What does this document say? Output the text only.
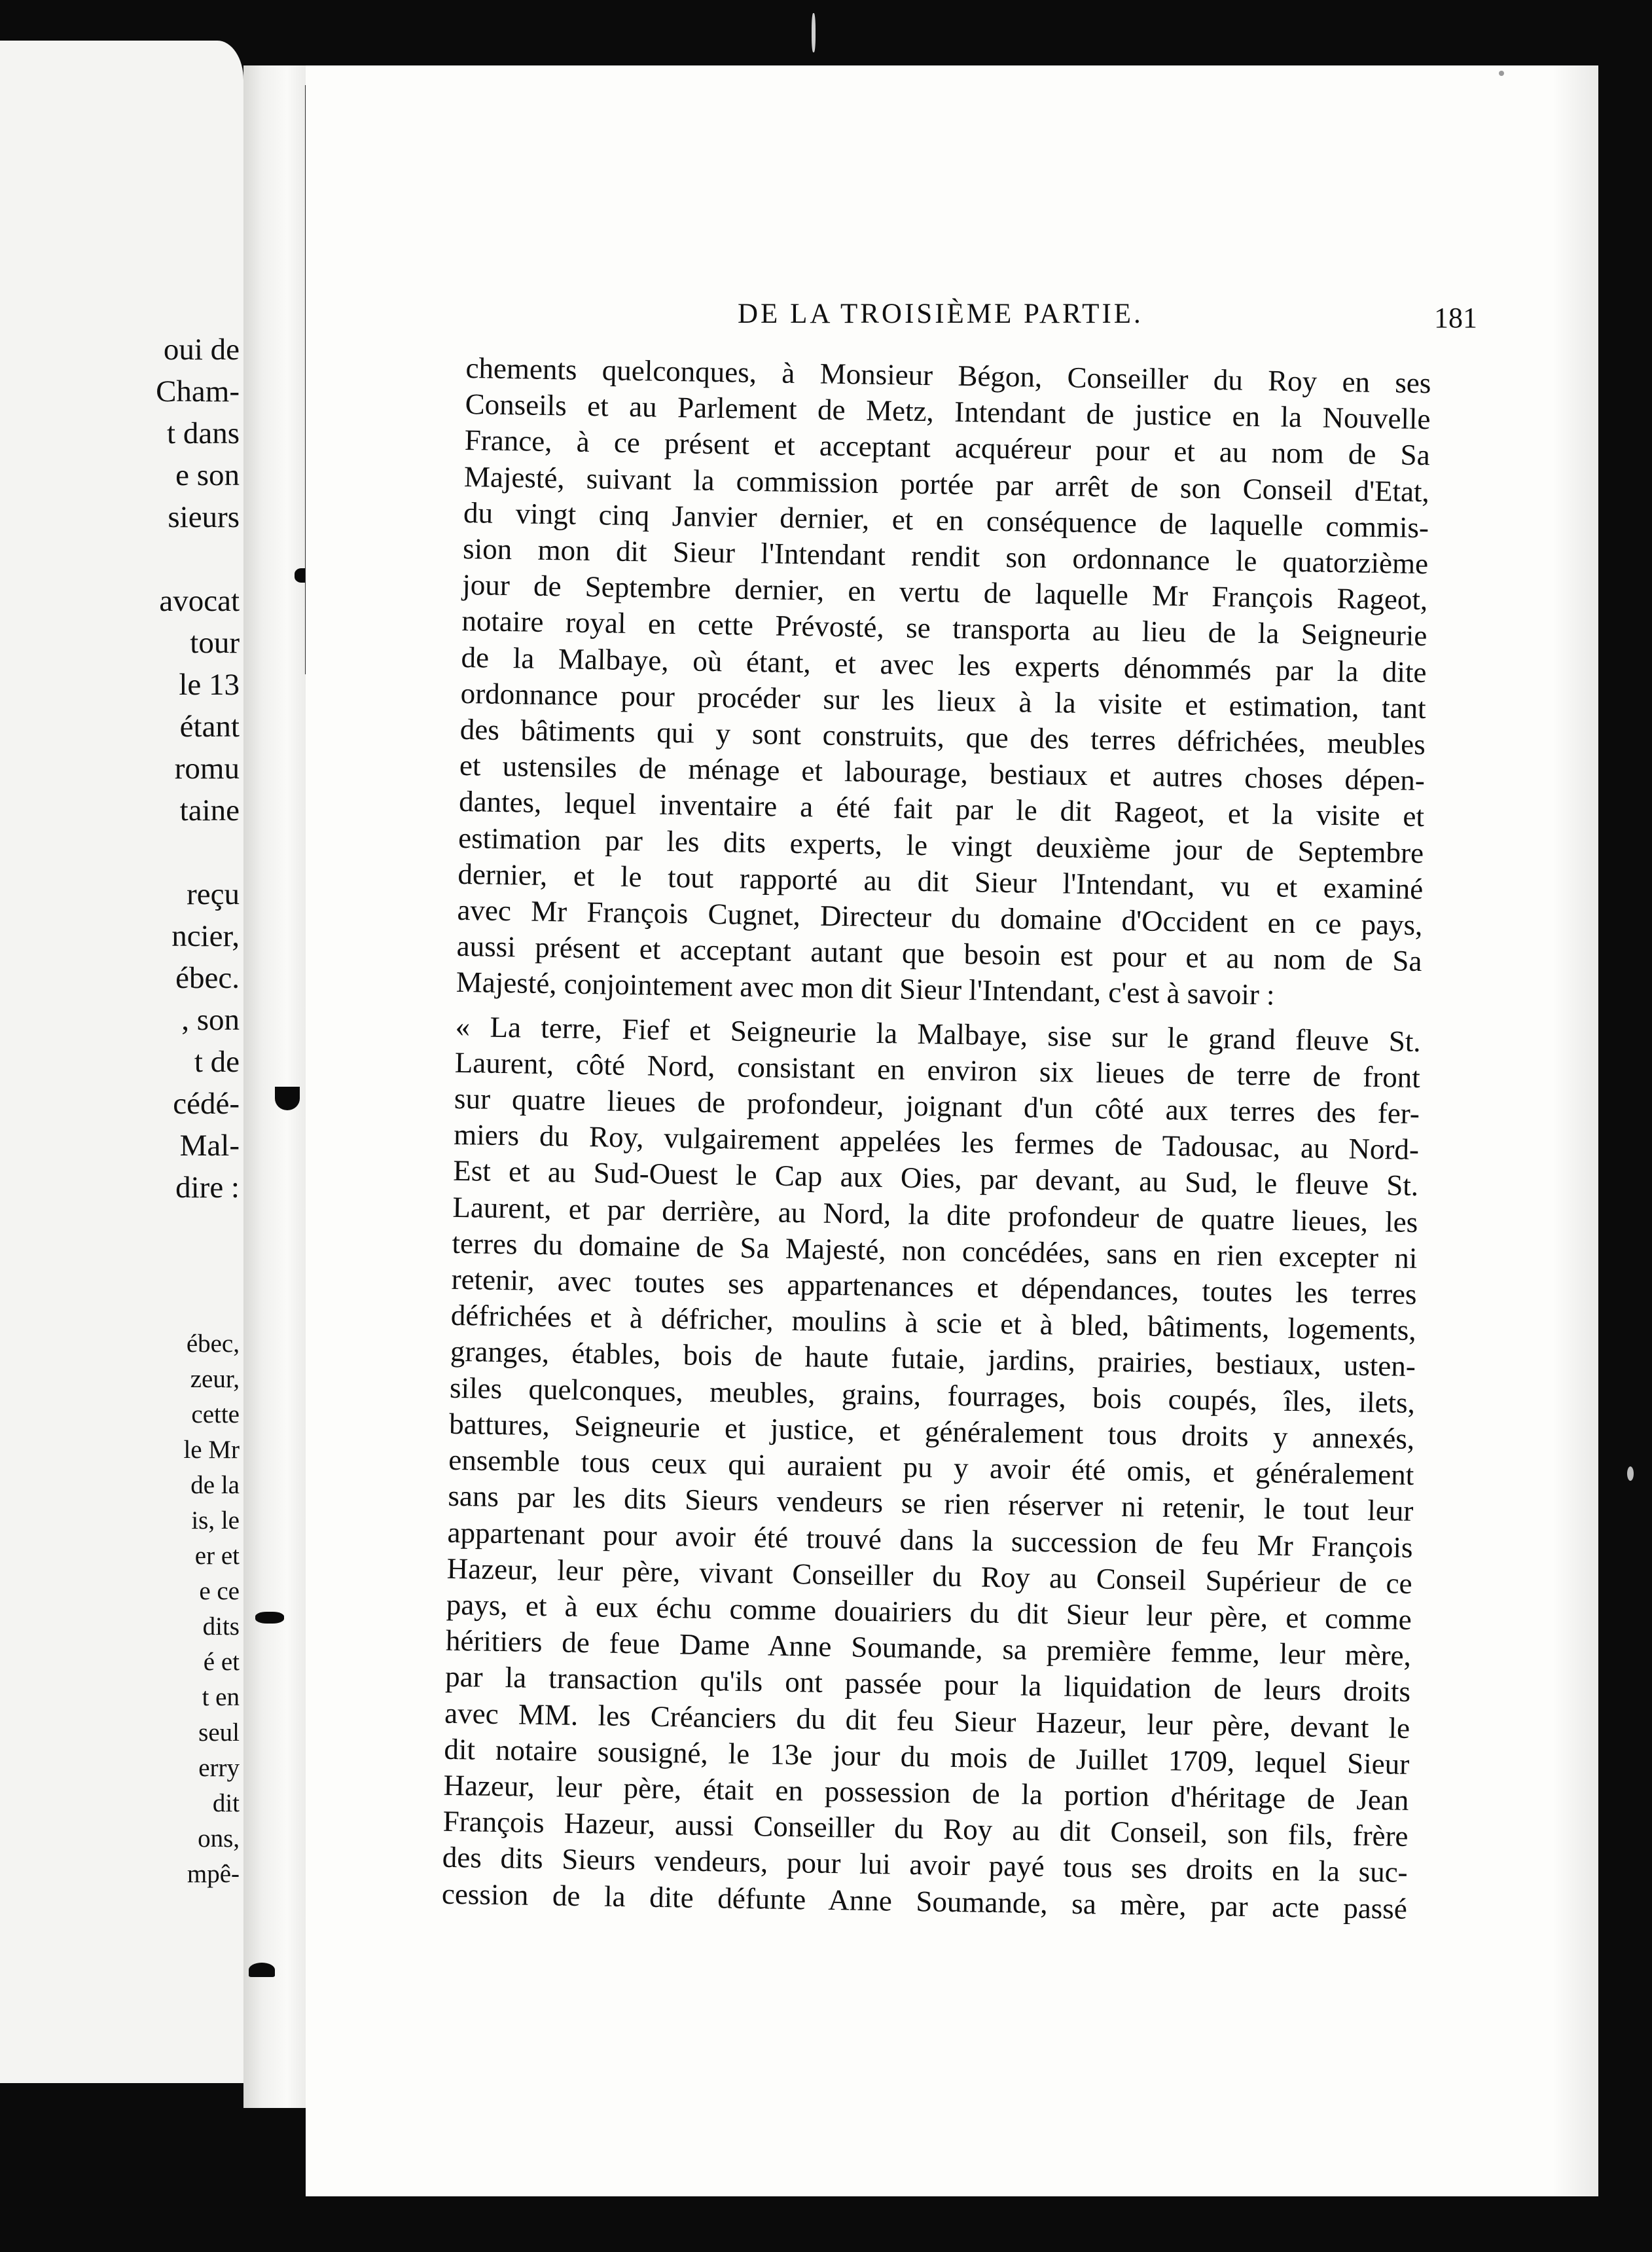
oui de
Cham-
t dans
e son
sieurs
avocat
tour
le 13
étant
romu
taine
reçu
ncier,
ébec.
, son
t de
cédé-
Mal-
dire :
ébec,
zeur,
cette
le Mr
de la
is, le
er et
e ce
dits
é et
t en
seul
erry
dit
ons,
mpê-
DE LA TROISIÈME PARTIE.	181
chements quelconques, à Monsieur Bégon, Conseiller du Roy en ses
Conseils et au Parlement de Metz, Intendant de justice en la Nouvelle
France, à ce présent et acceptant acquéreur pour et au nom de Sa
Majesté, suivant la commission portée par arrêt de son Conseil d'Etat,
du vingt cinq Janvier dernier, et en conséquence de laquelle commis-
sion mon dit Sieur l'Intendant rendit son ordonnance le quatorzième
jour de Septembre dernier, en vertu de laquelle Mr François Rageot,
notaire royal en cette Prévosté, se transporta au lieu de la Seigneurie
de la Malbaye, où étant, et avec les experts dénommés par la dite
ordonnance pour procéder sur les lieux à la visite et estimation, tant
des bâtiments qui y sont construits, que des terres défrichées, meubles
et ustensiles de ménage et labourage, bestiaux et autres choses dépen-
dantes, lequel inventaire a été fait par le dit Rageot, et la visite et
estimation par les dits experts, le vingt deuxième jour de Septembre
dernier, et le tout rapporté au dit Sieur l'Intendant, vu et examiné
avec Mr François Cugnet, Directeur du domaine d'Occident en ce pays,
aussi présent et acceptant autant que besoin est pour et au nom de Sa
Majesté, conjointement avec mon dit Sieur l'Intendant, c'est à savoir :
« La terre, Fief et Seigneurie la Malbaye, sise sur le grand fleuve St.
Laurent, côté Nord, consistant en environ six lieues de terre de front
sur quatre lieues de profondeur, joignant d'un côté aux terres des fer-
miers du Roy, vulgairement appelées les fermes de Tadousac, au Nord-
Est et au Sud-Ouest le Cap aux Oies, par devant, au Sud, le fleuve St.
Laurent, et par derrière, au Nord, la dite profondeur de quatre lieues, les
terres du domaine de Sa Majesté, non concédées, sans en rien excepter ni
retenir, avec toutes ses appartenances et dépendances, toutes les terres
défrichées et à défricher, moulins à scie et à bled, bâtiments, logements,
granges, étables, bois de haute futaie, jardins, prairies, bestiaux, usten-
siles quelconques, meubles, grains, fourrages, bois coupés, îles, ilets,
battures, Seigneurie et justice, et généralement tous droits y annexés,
ensemble tous ceux qui auraient pu y avoir été omis, et généralement
sans par les dits Sieurs vendeurs se rien réserver ni retenir, le tout leur
appartenant pour avoir été trouvé dans la succession de feu Mr François
Hazeur, leur père, vivant Conseiller du Roy au Conseil Supérieur de ce
pays, et à eux échu comme douairiers du dit Sieur leur père, et comme
héritiers de feue Dame Anne Soumande, sa première femme, leur mère,
par la transaction qu'ils ont passée pour la liquidation de leurs droits
avec MM. les Créanciers du dit feu Sieur Hazeur, leur père, devant le
dit notaire sousigné, le 13e jour du mois de Juillet 1709, lequel Sieur
Hazeur, leur père, était en possession de la portion d'héritage de Jean
François Hazeur, aussi Conseiller du Roy au dit Conseil, son fils, frère
des dits Sieurs vendeurs, pour lui avoir payé tous ses droits en la suc-
cession de la dite défunte Anne Soumande, sa mère, par acte passé
